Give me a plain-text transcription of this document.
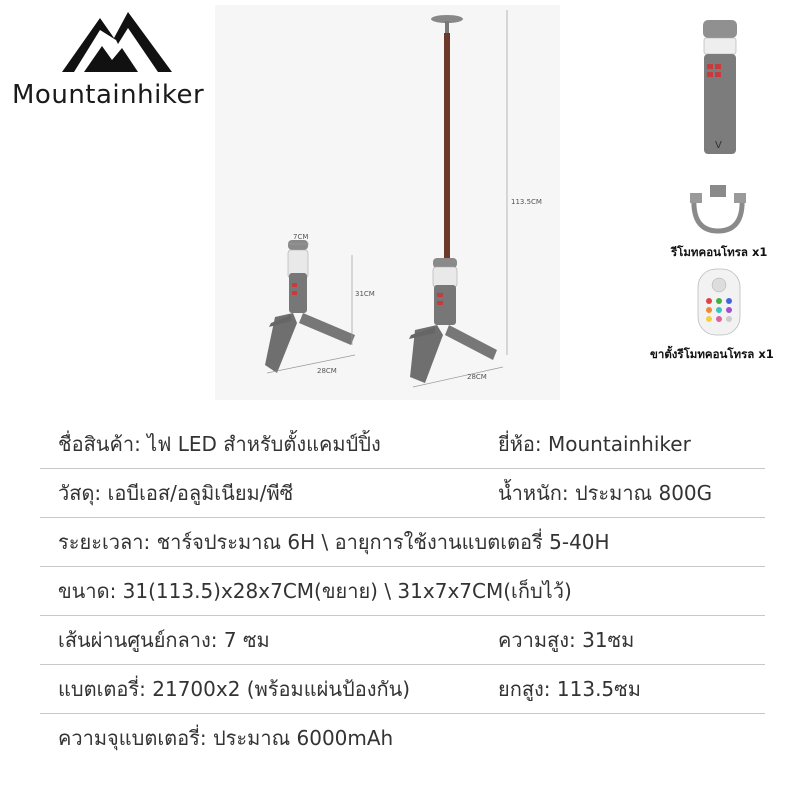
Mountainhiker
7CM
31CM
28CM
113.5CM
28CM
V
รีโมทคอนโทรล x1
ขาตั้งรีโมทคอนโทรล x1
ชื่อสินค้า: ไฟ LED สำหรับตั้งแคมป์ปิ้ง	ยี่ห้อ: Mountainhiker
วัสดุ: เอบีเอส/อลูมิเนียม/พีซี	น้ำหนัก: ประมาณ 800G
ระยะเวลา: ชาร์จประมาณ 6H \ อายุการใช้งานแบตเตอรี่ 5-40H
ขนาด: 31(113.5)x28x7CM(ขยาย) \ 31x7x7CM(เก็บไว้)
เส้นผ่านศูนย์กลาง: 7 ซม	ความสูง: 31ซม
แบตเตอรี่: 21700x2 (พร้อมแผ่นป้องกัน)	ยกสูง: 113.5ซม
ความจุแบตเตอรี่: ประมาณ 6000mAh
